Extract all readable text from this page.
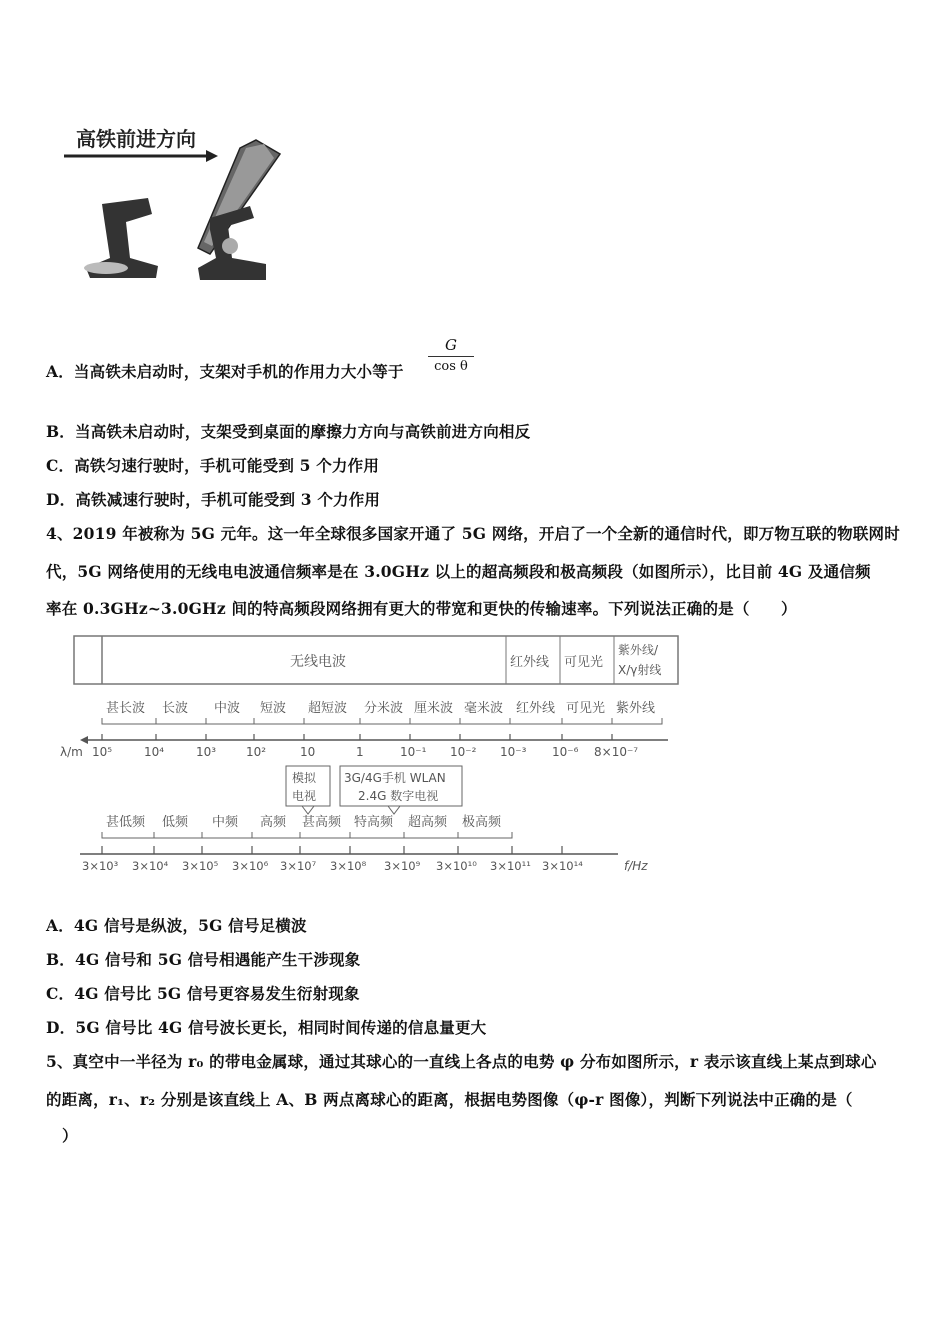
高铁前进方向
θ
A．当高铁未启动时，支架对手机的作用力大小等于 $\frac{G}{\text{cos θ}}$
B．当高铁未启动时，支架受到桌面的摩擦力方向与高铁前进方向相反
C．高铁匀速行驶时，手机可能受到 5 个力作用
D．高铁减速行驶时，手机可能受到 3 个力作用
4、2019 年被称为 5G 元年。这一年全球很多国家开通了 5G 网络，开启了一个全新的通信时代，即万物互联的物联网时
代，5G 网络使用的无线电电波通信频率是在 3.0GHz 以上的超高频段和极高频段（如图所示），比目前 4G 及通信频
率在 0.3GHz~3.0GHz 间的特高频段网络拥有更大的带宽和更快的传输速率。下列说法正确的是（　　）
无线电波	红外线 可见光
紫外线/
X/γ射线
甚长波 长波 中波 短波 超短波 分米波 厘米波 毫米波 红外线 可见光 紫外线
λ/m 10⁵	10⁴	10³ 10²	10	1	10⁻¹ 10⁻² 10⁻³ 10⁻⁶ 8×10⁻⁷
模拟
电视
3G/4G手机 WLAN
2.4G 数字电视
甚低频 低频 中频 高频 甚高频 特高频 超高频 极高频
3×10³ 3×10⁴ 3×10⁵ 3×10⁶ 3×10⁷ 3×10⁸ 3×10⁹ 3×10¹⁰ 3×10¹¹ 3×10¹⁴	f/Hz
A．4G 信号是纵波，5G 信号足横波
B．4G 信号和 5G 信号相遇能产生干涉现象
C．4G 信号比 5G 信号更容易发生衍射现象
D．5G 信号比 4G 信号波长更长，相同时间传递的信息量更大
5、真空中一半径为 r₀ 的带电金属球，通过其球心的一直线上各点的电势 φ 分布如图所示，r 表示该直线上某点到球心
的距离，r₁、r₂ 分别是该直线上 A、B 两点离球心的距离，根据电势图像（φ-r 图像），判断下列说法中正确的是（
）
